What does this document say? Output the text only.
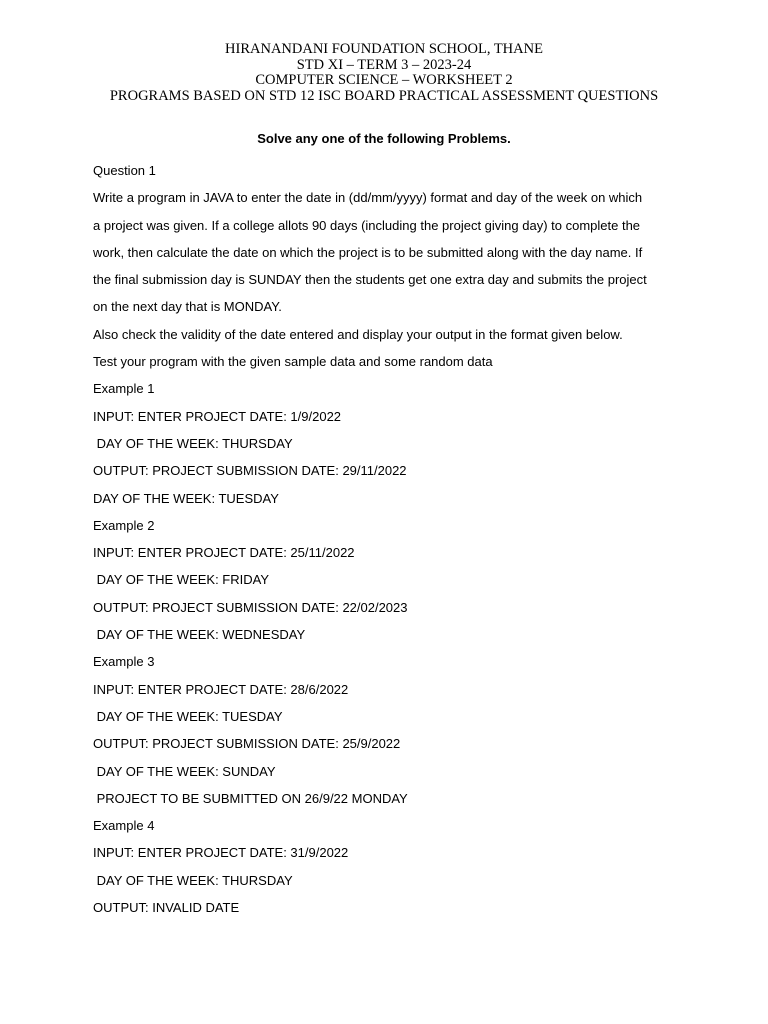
HIRANANDANI FOUNDATION SCHOOL, THANE
STD XI – TERM 3 – 2023-24
COMPUTER SCIENCE – WORKSHEET 2
PROGRAMS BASED ON STD 12 ISC BOARD PRACTICAL ASSESSMENT QUESTIONS
Solve any one of the following Problems.
Question 1
Write a program in JAVA to enter the date in (dd/mm/yyyy) format and day of the week on which
a project was given. If a college allots 90 days (including the project giving day) to complete the
work, then calculate the date on which the project is to be submitted along with the day name. If
the final submission day is SUNDAY then the students get one extra day and submits the project
on the next day that is MONDAY.
Also check the validity of the date entered and display your output in the format given below.
Test your program with the given sample data and some random data
Example 1
INPUT: ENTER PROJECT DATE: 1/9/2022
DAY OF THE WEEK: THURSDAY
OUTPUT: PROJECT SUBMISSION DATE: 29/11/2022
DAY OF THE WEEK: TUESDAY
Example 2
INPUT: ENTER PROJECT DATE: 25/11/2022
DAY OF THE WEEK: FRIDAY
OUTPUT: PROJECT SUBMISSION DATE: 22/02/2023
DAY OF THE WEEK: WEDNESDAY
Example 3
INPUT: ENTER PROJECT DATE: 28/6/2022
DAY OF THE WEEK: TUESDAY
OUTPUT: PROJECT SUBMISSION DATE: 25/9/2022
DAY OF THE WEEK: SUNDAY
PROJECT TO BE SUBMITTED ON 26/9/22 MONDAY
Example 4
INPUT: ENTER PROJECT DATE: 31/9/2022
DAY OF THE WEEK: THURSDAY
OUTPUT: INVALID DATE
